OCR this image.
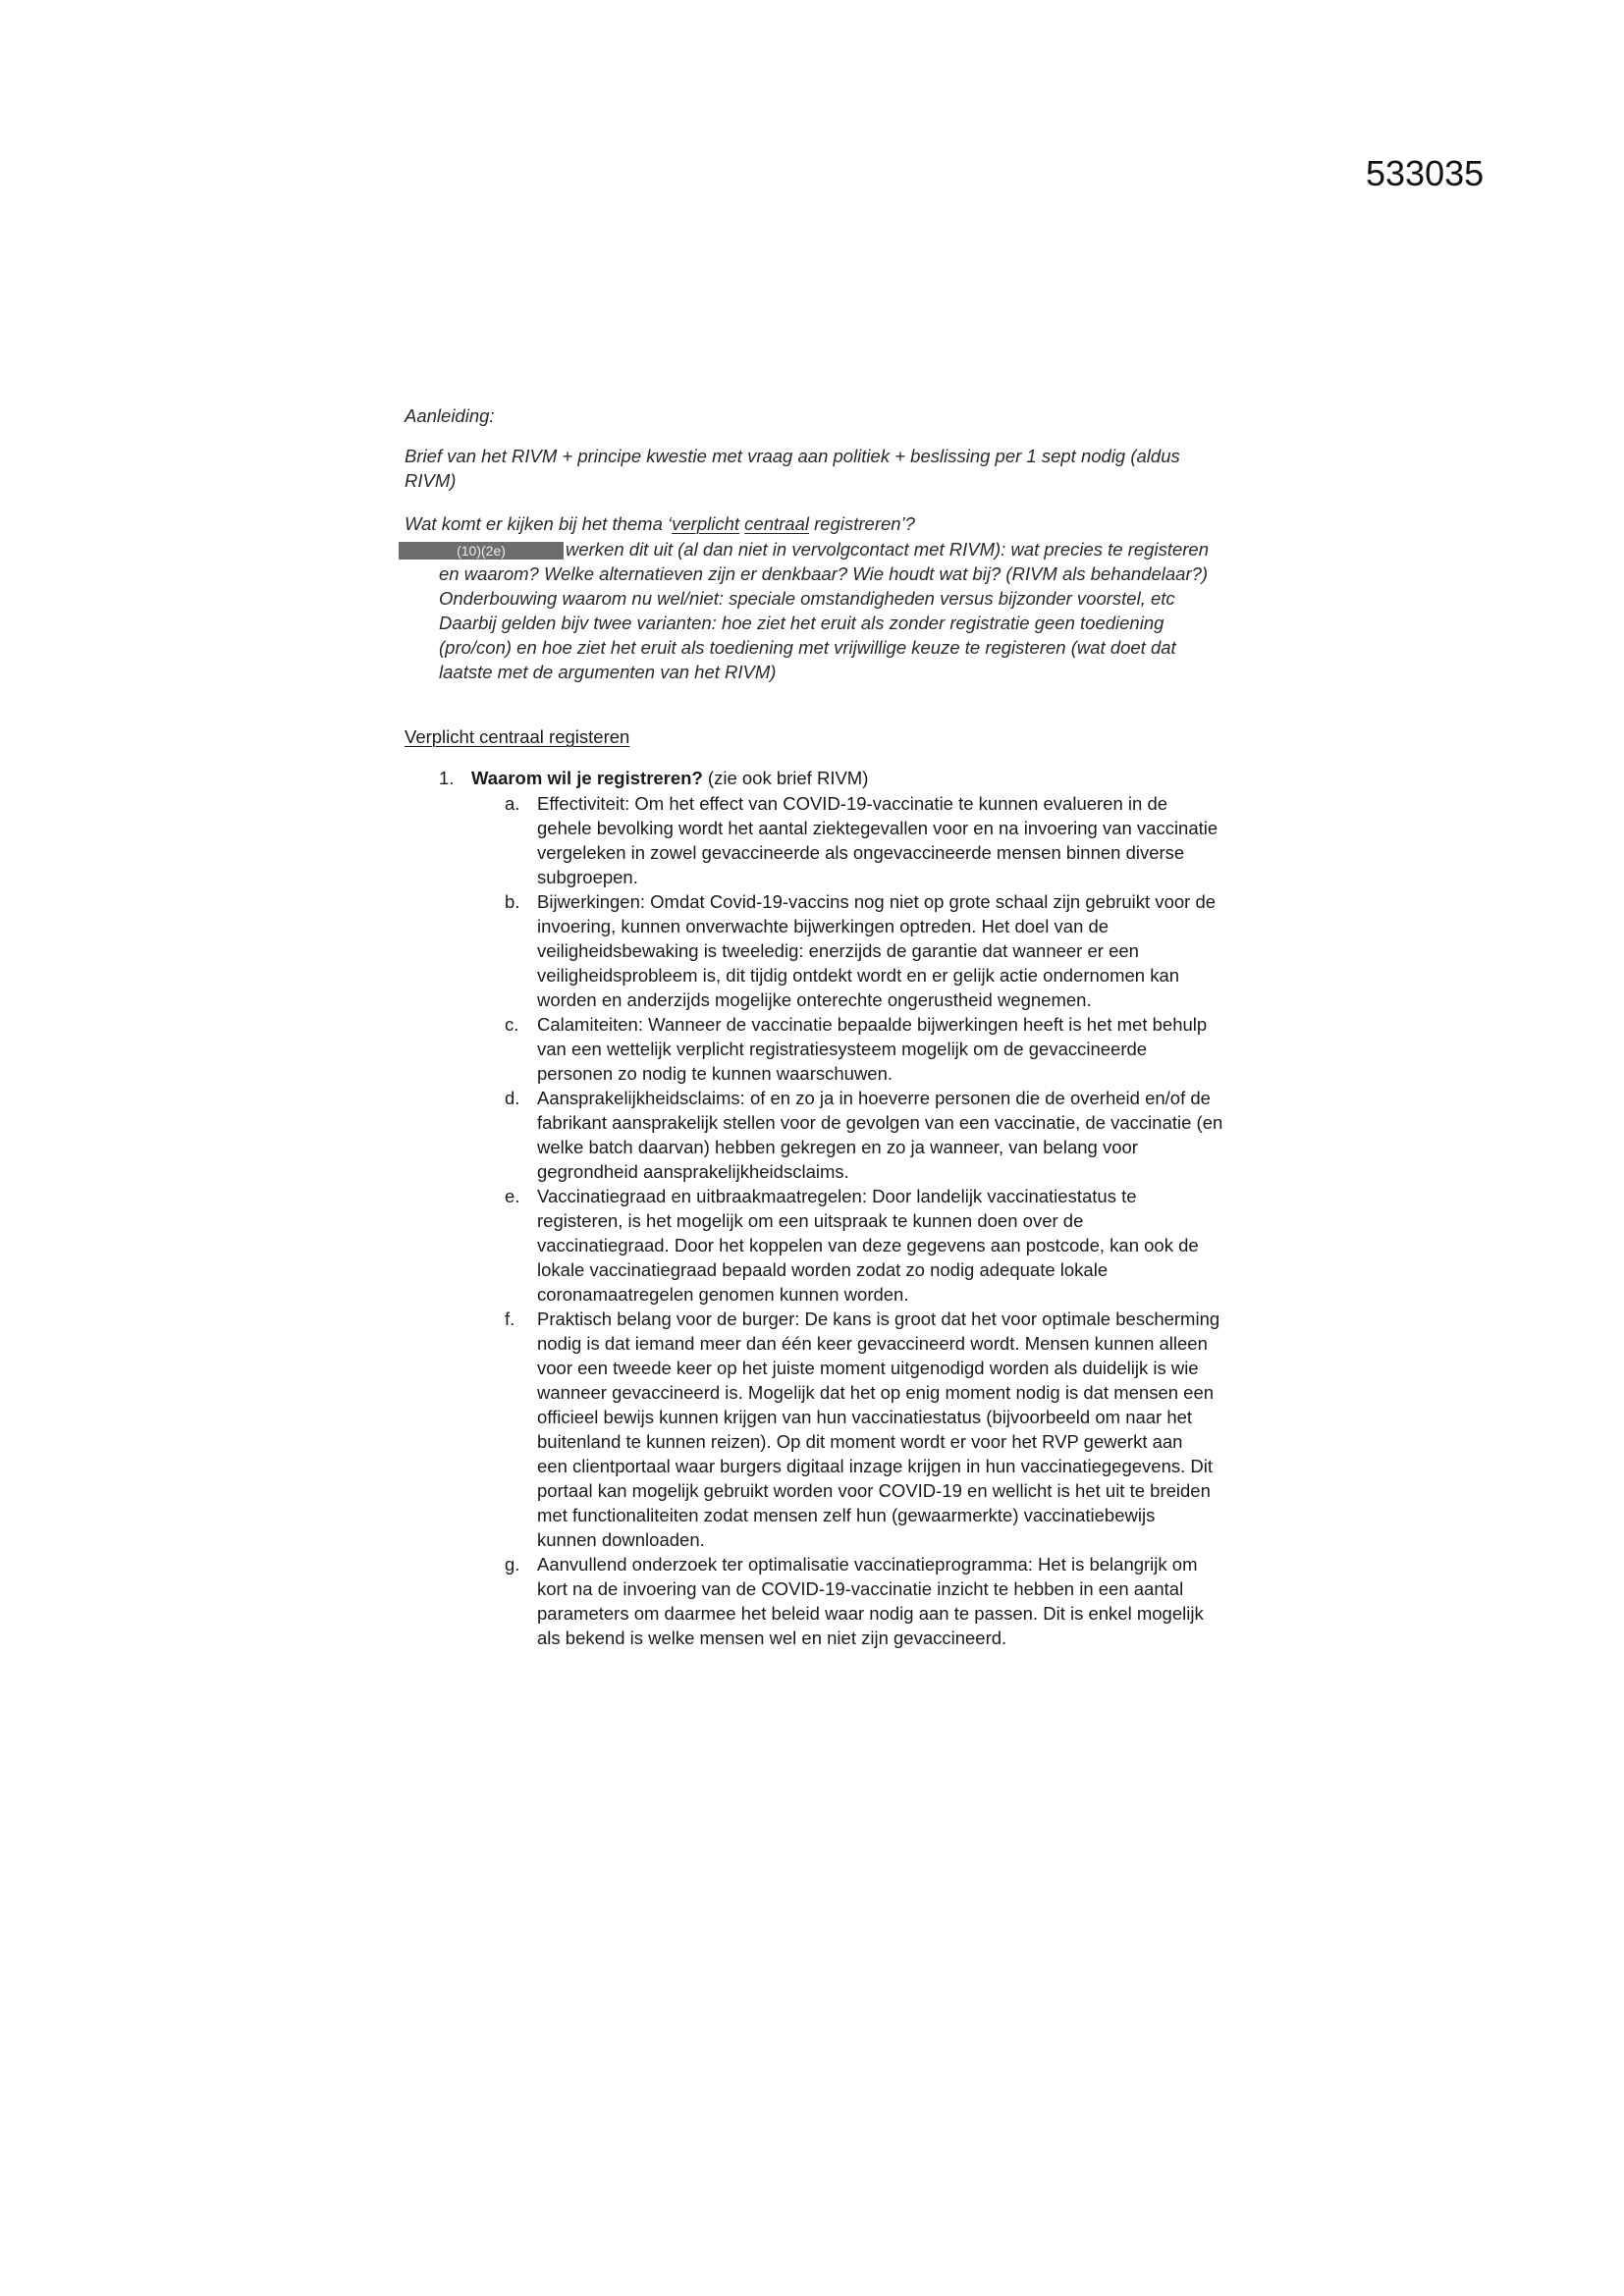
533035
Aanleiding:
Brief van het RIVM + principe kwestie met vraag aan politiek + beslissing per 1 sept nodig (aldus
RIVM)
Wat komt er kijken bij het thema ‘ verplicht centraal registreren’?
(10)(2e)	werken dit uit (al dan niet in vervolgcontact met RIVM): wat precies te registeren
en waarom? Welke alternatieven zijn er denkbaar? Wie houdt wat bij? (RIVM als behandelaar?)
Onderbouwing waarom nu wel/niet: speciale omstandigheden versus bijzonder voorstel, etc
Daarbij gelden bijv twee varianten: hoe ziet het eruit als zonder registratie geen toediening
(pro/con) en hoe ziet het eruit als toediening met vrijwillige keuze te registeren (wat doet dat
laatste met de argumenten van het RIVM)
Verplicht centraal registeren
1. Waarom wil je registreren? (zie ook brief RIVM)
a. Effectiviteit: Om het effect van COVID-19-vaccinatie te kunnen evalueren in de
gehele bevolking wordt het aantal ziektegevallen voor en na invoering van vaccinatie
vergeleken in zowel gevaccineerde als ongevaccineerde mensen binnen diverse
subgroepen.
b. Bijwerkingen: Omdat Covid-19-vaccins nog niet op grote schaal zijn gebruikt voor de
invoering, kunnen onverwachte bijwerkingen optreden. Het doel van de
veiligheidsbewaking is tweeledig: enerzijds de garantie dat wanneer er een
veiligheidsprobleem is, dit tijdig ontdekt wordt en er gelijk actie ondernomen kan
worden en anderzijds mogelijke onterechte ongerustheid wegnemen.
c. Calamiteiten: Wanneer de vaccinatie bepaalde bijwerkingen heeft is het met behulp
van een wettelijk verplicht registratiesysteem mogelijk om de gevaccineerde
personen zo nodig te kunnen waarschuwen.
d. Aansprakelijkheidsclaims: of en zo ja in hoeverre personen die de overheid en/of de
fabrikant aansprakelijk stellen voor de gevolgen van een vaccinatie, de vaccinatie (en
welke batch daarvan) hebben gekregen en zo ja wanneer, van belang voor
gegrondheid aansprakelijkheidsclaims.
e. Vaccinatiegraad en uitbraakmaatregelen: Door landelijk vaccinatiestatus te
registeren, is het mogelijk om een uitspraak te kunnen doen over de
vaccinatiegraad. Door het koppelen van deze gegevens aan postcode, kan ook de
lokale vaccinatiegraad bepaald worden zodat zo nodig adequate lokale
coronamaatregelen genomen kunnen worden.
f. Praktisch belang voor de burger: De kans is groot dat het voor optimale bescherming
nodig is dat iemand meer dan één keer gevaccineerd wordt. Mensen kunnen alleen
voor een tweede keer op het juiste moment uitgenodigd worden als duidelijk is wie
wanneer gevaccineerd is. Mogelijk dat het op enig moment nodig is dat mensen een
officieel bewijs kunnen krijgen van hun vaccinatiestatus (bijvoorbeeld om naar het
buitenland te kunnen reizen). Op dit moment wordt er voor het RVP gewerkt aan
een clientportaal waar burgers digitaal inzage krijgen in hun vaccinatiegegevens. Dit
portaal kan mogelijk gebruikt worden voor COVID-19 en wellicht is het uit te breiden
met functionaliteiten zodat mensen zelf hun (gewaarmerkte) vaccinatiebewijs
kunnen downloaden.
g. Aanvullend onderzoek ter optimalisatie vaccinatieprogramma: Het is belangrijk om
kort na de invoering van de COVID-19-vaccinatie inzicht te hebben in een aantal
parameters om daarmee het beleid waar nodig aan te passen. Dit is enkel mogelijk
als bekend is welke mensen wel en niet zijn gevaccineerd.
